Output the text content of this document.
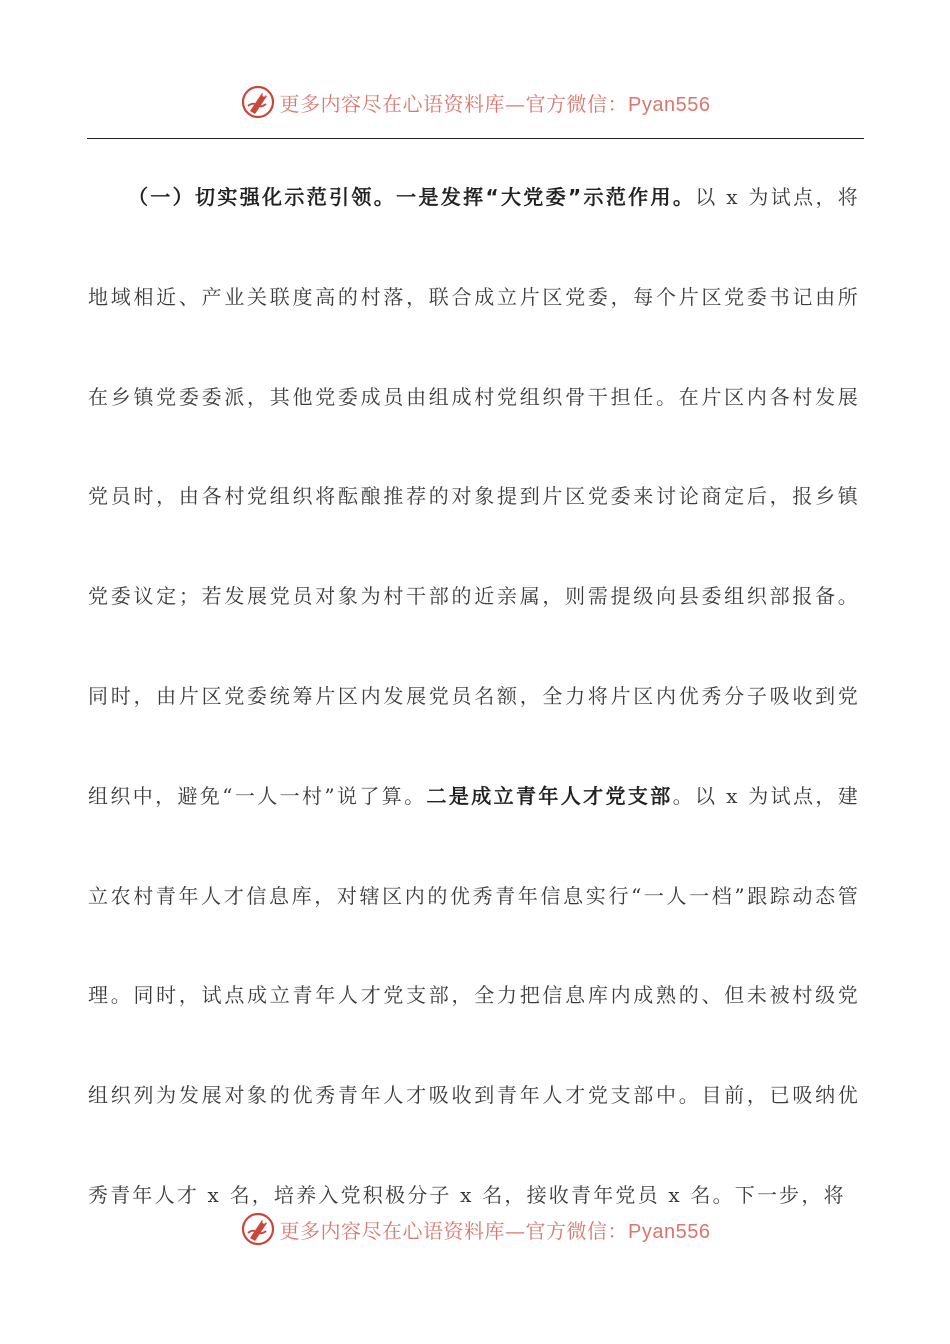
更多内容尽在心语资料库—官方微信：Pyan556

（一）切实强化示范引领。一是发挥“大党委”示范作用。以 x 为试点，将地域相近、产业关联度高的村落，联合成立片区党委，每个片区党委书记由所在乡镇党委委派，其他党委成员由组成村党组织骨干担任。在片区内各村发展党员时，由各村党组织将酝酿推荐的对象提到片区党委来讨论商定后，报乡镇党委议定；若发展党员对象为村干部的近亲属，则需提级向县委组织部报备。同时，由片区党委统筹片区内发展党员名额，全力将片区内优秀分子吸收到党组织中，避免“一人一村”说了算。二是成立青年人才党支部。以 x 为试点，建立农村青年人才信息库，对辖区内的优秀青年信息实行“一人一档”跟踪动态管理。同时，试点成立青年人才党支部，全力把信息库内成熟的、但未被村级党组织列为发展对象的优秀青年人才吸收到青年人才党支部中。目前，已吸纳优秀青年人才 x 名，培养入党积极分子 x 名，接收青年党员 x 名。下一步，将

更多内容尽在心语资料库—官方微信：Pyan556
